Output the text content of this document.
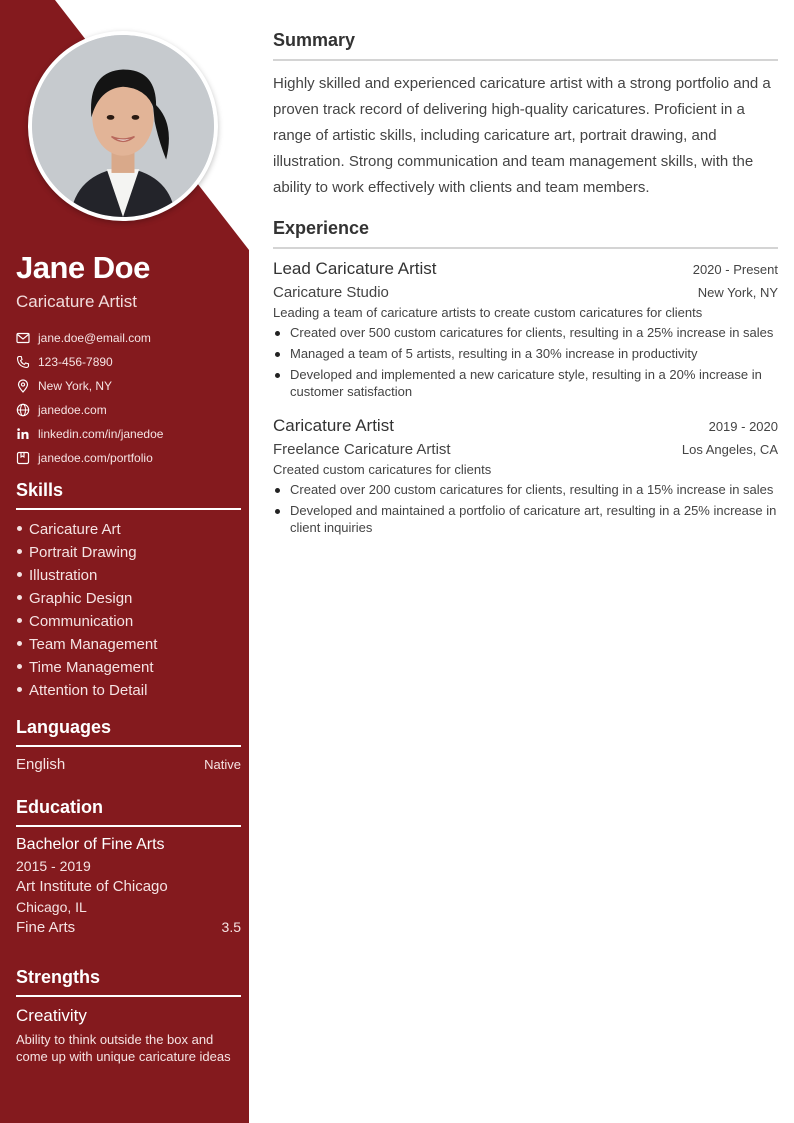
Jane Doe
Caricature Artist
jane.doe@email.com
123-456-7890
New York, NY
janedoe.com
linkedin.com/in/janedoe
janedoe.com/portfolio
Skills
Caricature Art
Portrait Drawing
Illustration
Graphic Design
Communication
Team Management
Time Management
Attention to Detail
Languages
English	Native
Education
Bachelor of Fine Arts
2015 - 2019
Art Institute of Chicago
Chicago, IL
Fine Arts	3.5
Strengths
Creativity
Ability to think outside the box and come up with unique caricature ideas
Summary

Highly skilled and experienced caricature artist with a strong portfolio and a proven track record of delivering high-quality caricatures. Proficient in a range of artistic skills, including caricature art, portrait drawing, and illustration. Strong communication and team management skills, with the ability to work effectively with clients and team members.

Experience
Lead Caricature Artist	2020 - Present
Caricature Studio	New York, NY
Leading a team of caricature artists to create custom caricatures for clients
Created over 500 custom caricatures for clients, resulting in a 25% increase in sales
Managed a team of 5 artists, resulting in a 30% increase in productivity
Developed and implemented a new caricature style, resulting in a 20% increase in customer satisfaction
Caricature Artist	2019 - 2020
Freelance Caricature Artist	Los Angeles, CA
Created custom caricatures for clients
Created over 200 custom caricatures for clients, resulting in a 15% increase in sales
Developed and maintained a portfolio of caricature art, resulting in a 25% increase in client inquiries
